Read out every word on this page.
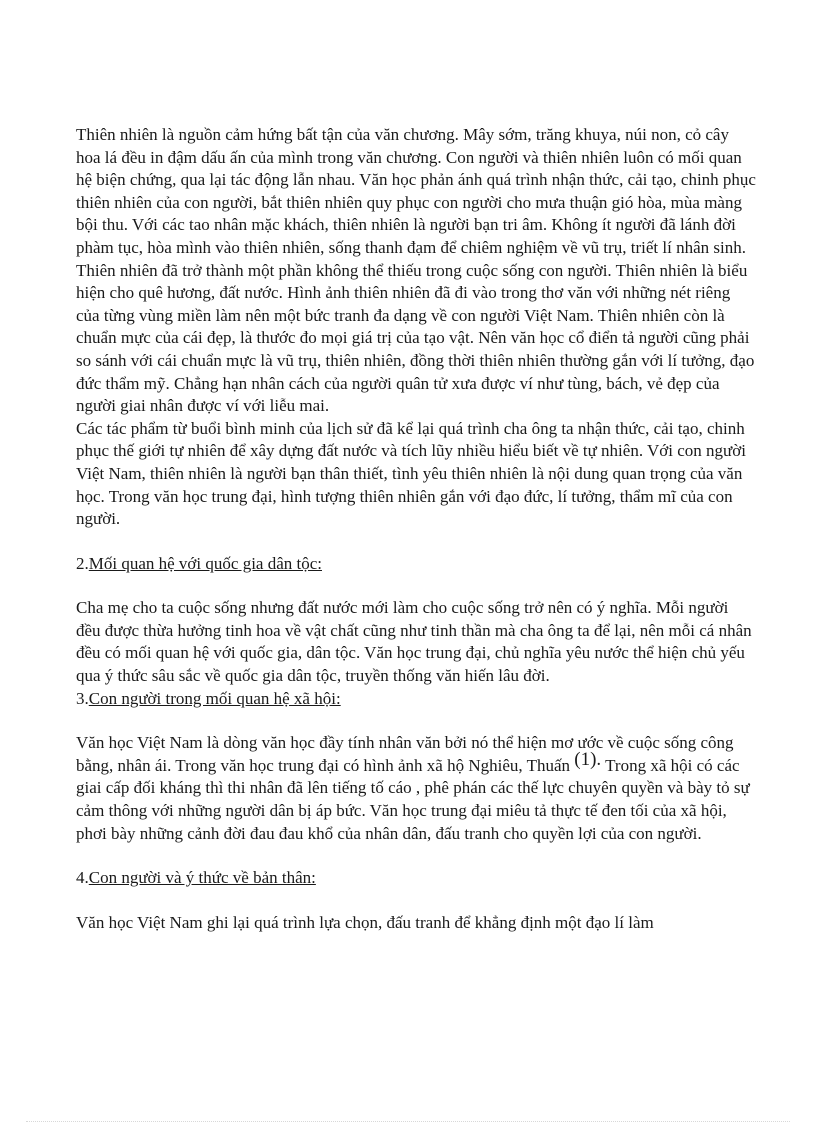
Thiên nhiên là nguồn cảm hứng bất tận của văn chương. Mây sớm, trăng khuya, núi non, cỏ cây hoa lá đều in đậm dấu ấn của mình trong văn chương. Con người và thiên nhiên luôn có mối quan hệ biện chứng, qua lại tác động lẫn nhau. Văn học phản ánh quá trình nhận thức, cải tạo, chinh phục thiên nhiên của con người, bắt thiên nhiên quy phục con người cho mưa thuận gió hòa, mùa màng bội thu. Với các tao nhân mặc khách, thiên nhiên là người bạn tri âm. Không ít người đã lánh đời phàm tục, hòa mình vào thiên nhiên, sống thanh đạm để chiêm nghiệm về vũ trụ, triết lí nhân sinh. Thiên nhiên đã trở thành một phần không thể thiếu trong cuộc sống con người. Thiên nhiên là biểu hiện cho quê hương, đất nước. Hình ảnh thiên nhiên đã đi vào trong thơ văn với những nét riêng của từng vùng miền làm nên một bức tranh đa dạng về con người Việt Nam. Thiên nhiên còn là chuẩn mực của cái đẹp, là thước đo mọi giá trị của tạo vật. Nên văn học cổ điển tả người cũng phải so sánh với cái chuẩn mực là vũ trụ, thiên nhiên, đồng thời thiên nhiên thường gắn với lí tưởng, đạo đức thẩm mỹ. Chẳng hạn nhân cách của người quân tử xưa được ví như tùng, bách, vẻ đẹp của người giai nhân được ví với liễu mai.

Các tác phẩm từ buổi bình minh của lịch sử đã kể lại quá trình cha ông ta nhận thức, cải tạo, chinh phục thế giới tự nhiên để xây dựng đất nước và tích lũy nhiều hiểu biết về tự nhiên. Với con người Việt Nam, thiên nhiên là người bạn thân thiết, tình yêu thiên nhiên là nội dung quan trọng của văn học. Trong văn học trung đại, hình tượng thiên nhiên gắn với đạo đức, lí tưởng, thẩm mĩ của con người.

2.Mối quan hệ với quốc gia dân tộc:

Cha mẹ cho ta cuộc sống nhưng đất nước mới làm cho cuộc sống trở nên có ý nghĩa. Mỗi người đều được thừa hưởng tinh hoa về vật chất cũng như tinh thần mà cha ông ta để lại, nên mỗi cá nhân đều có mối quan hệ với quốc gia, dân tộc. Văn học trung đại, chủ nghĩa yêu nước thể hiện chủ yếu qua ý thức sâu sắc về quốc gia dân tộc, truyền thống văn hiến lâu đời.

3.Con người trong mối quan hệ xã hội:

Văn học Việt Nam là dòng văn học đầy tính nhân văn bởi nó thể hiện mơ ước về cuộc sống công bằng, nhân ái. Trong văn học trung đại có hình ảnh xã hộ Nghiêu, Thuấn (1). Trong xã hội có các giai cấp đối kháng thì thi nhân đã lên tiếng tố cáo , phê phán các thế lực chuyên quyền và bày tỏ sự cảm thông với những người dân bị áp bức. Văn học trung đại miêu tả thực tế đen tối của xã hội, phơi bày những cảnh đời đau đau khổ của nhân dân, đấu tranh cho quyền lợi của con người.

4.Con người và ý thức về bản thân:

Văn học Việt Nam ghi lại quá trình lựa chọn, đấu tranh để khẳng định một đạo lí làm
